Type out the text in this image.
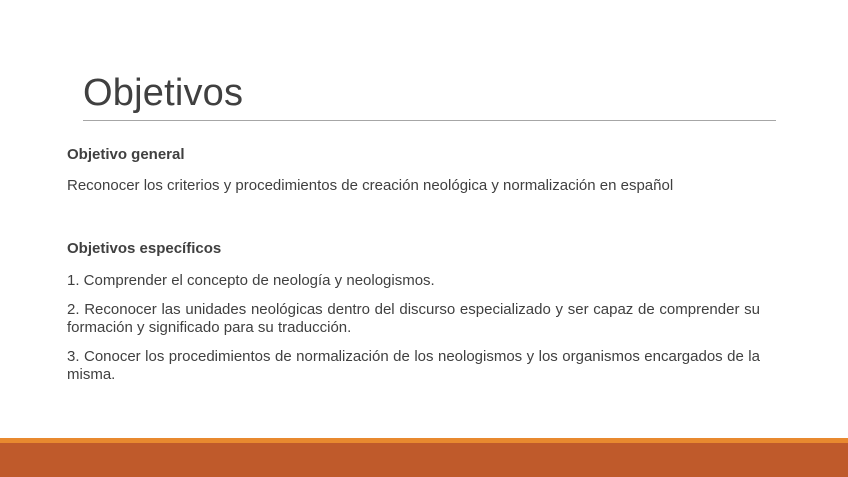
Objetivos

Objetivo general

Reconocer los criterios y procedimientos de creación neológica y normalización en español

Objetivos específicos

1. Comprender el concepto de neología y neologismos.

2. Reconocer las unidades neológicas dentro del discurso especializado y ser capaz de comprender su formación y significado para su traducción.

3. Conocer los procedimientos de normalización de los neologismos y los organismos encargados de la misma.
